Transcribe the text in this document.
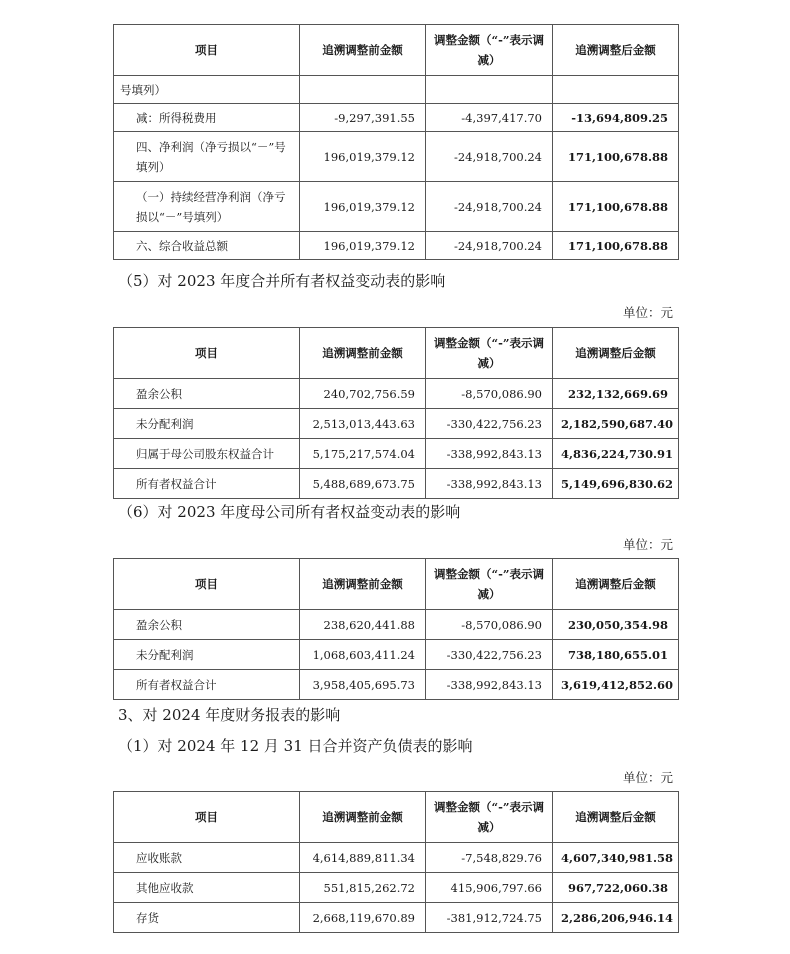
项目	追溯调整前金额	调整金额（“-”表示调减）	追溯调整后金额
号填列）			
减：所得税费用	-9,297,391.55	-4,397,417.70	-13,694,809.25
四、净利润（净亏损以“－”号填列）	196,019,379.12	-24,918,700.24	171,100,678.88
（一）持续经营净利润（净亏损以“－”号填列）	196,019,379.12	-24,918,700.24	171,100,678.88
六、综合收益总额	196,019,379.12	-24,918,700.24	171,100,678.88
（5）对 2023 年度合并所有者权益变动表的影响
单位：元
项目	追溯调整前金额	调整金额（“-”表示调减）	追溯调整后金额
盈余公积	240,702,756.59	-8,570,086.90	232,132,669.69
未分配利润	2,513,013,443.63	-330,422,756.23	2,182,590,687.40
归属于母公司股东权益合计	5,175,217,574.04	-338,992,843.13	4,836,224,730.91
所有者权益合计	5,488,689,673.75	-338,992,843.13	5,149,696,830.62
（6）对 2023 年度母公司所有者权益变动表的影响
单位：元
项目	追溯调整前金额	调整金额（“-”表示调减）	追溯调整后金额
盈余公积	238,620,441.88	-8,570,086.90	230,050,354.98
未分配利润	1,068,603,411.24	-330,422,756.23	738,180,655.01
所有者权益合计	3,958,405,695.73	-338,992,843.13	3,619,412,852.60
3、对 2024 年度财务报表的影响
（1）对 2024 年 12 月 31 日合并资产负债表的影响
单位：元
项目	追溯调整前金额	调整金额（“-”表示调减）	追溯调整后金额
应收账款	4,614,889,811.34	-7,548,829.76	4,607,340,981.58
其他应收款	551,815,262.72	415,906,797.66	967,722,060.38
存货	2,668,119,670.89	-381,912,724.75	2,286,206,946.14
